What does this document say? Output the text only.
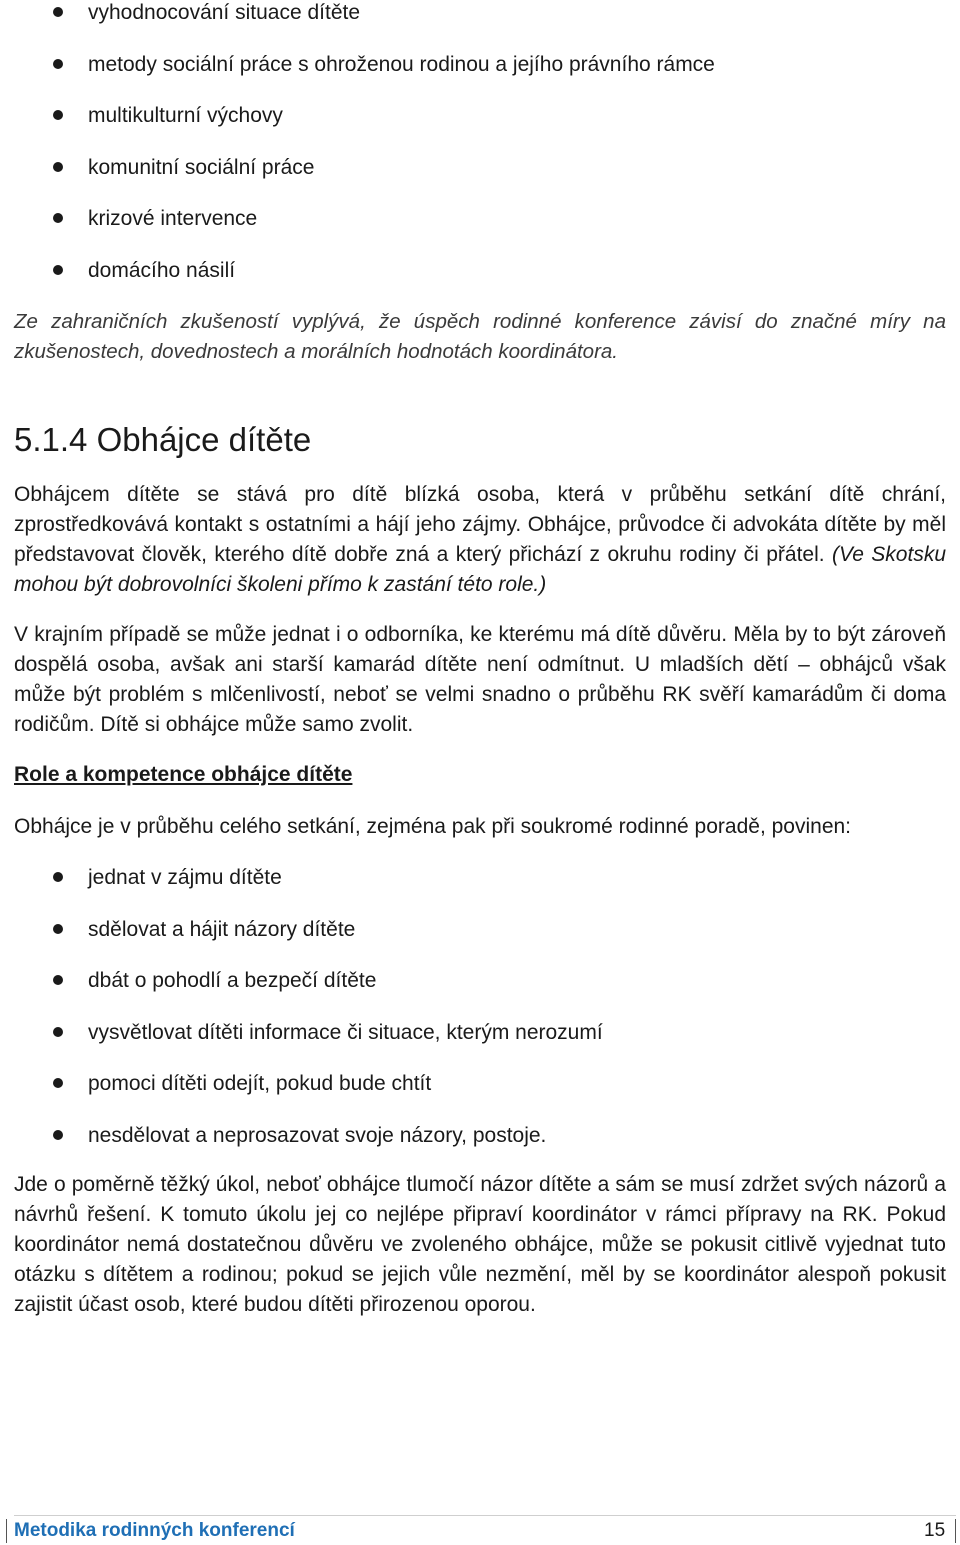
vyhodnocování situace dítěte
metody sociální práce s ohroženou rodinou a jejího právního rámce
multikulturní výchovy
komunitní sociální práce
krizové intervence
domácího násilí

Ze zahraničních zkušeností vyplývá, že úspěch rodinné konference závisí do značné míry na zkušenostech, dovednostech a morálních hodnotách koordinátora.

5.1.4 Obhájce dítěte

Obhájcem dítěte se stává pro dítě blízká osoba, která v průběhu setkání dítě chrání, zprostředkovává kontakt s ostatními a hájí jeho zájmy. Obhájce, průvodce či advokáta dítěte by měl představovat člověk, kterého dítě dobře zná a který přichází z okruhu rodiny či přátel. (Ve Skotsku mohou být dobrovolníci školeni přímo k zastání této role.)

V krajním případě se může jednat i o odborníka, ke kterému má dítě důvěru. Měla by to být zároveň dospělá osoba, avšak ani starší kamarád dítěte není odmítnut. U mladších dětí – obhájců však může být problém s mlčenlivostí, neboť se velmi snadno o průběhu RK svěří kamarádům či doma rodičům. Dítě si obhájce může samo zvolit.

Role a kompetence obhájce dítěte

Obhájce je v průběhu celého setkání, zejména pak při soukromé rodinné poradě, povinen:

jednat v zájmu dítěte
sdělovat a hájit názory dítěte
dbát o pohodlí a bezpečí dítěte
vysvětlovat dítěti informace či situace, kterým nerozumí
pomoci dítěti odejít, pokud bude chtít
nesdělovat a neprosazovat svoje názory, postoje.

Jde o poměrně těžký úkol, neboť obhájce tlumočí názor dítěte a sám se musí zdržet svých názorů a návrhů řešení. K tomuto úkolu jej co nejlépe připraví koordinátor v rámci přípravy na RK. Pokud koordinátor nemá dostatečnou důvěru ve zvoleného obhájce, může se pokusit citlivě vyjednat tuto otázku s dítětem a rodinou; pokud se jejich vůle nezmění, měl by se koordinátor alespoň pokusit zajistit účast osob, které budou dítěti přirozenou oporou.

Metodika rodinných konferencí	15
